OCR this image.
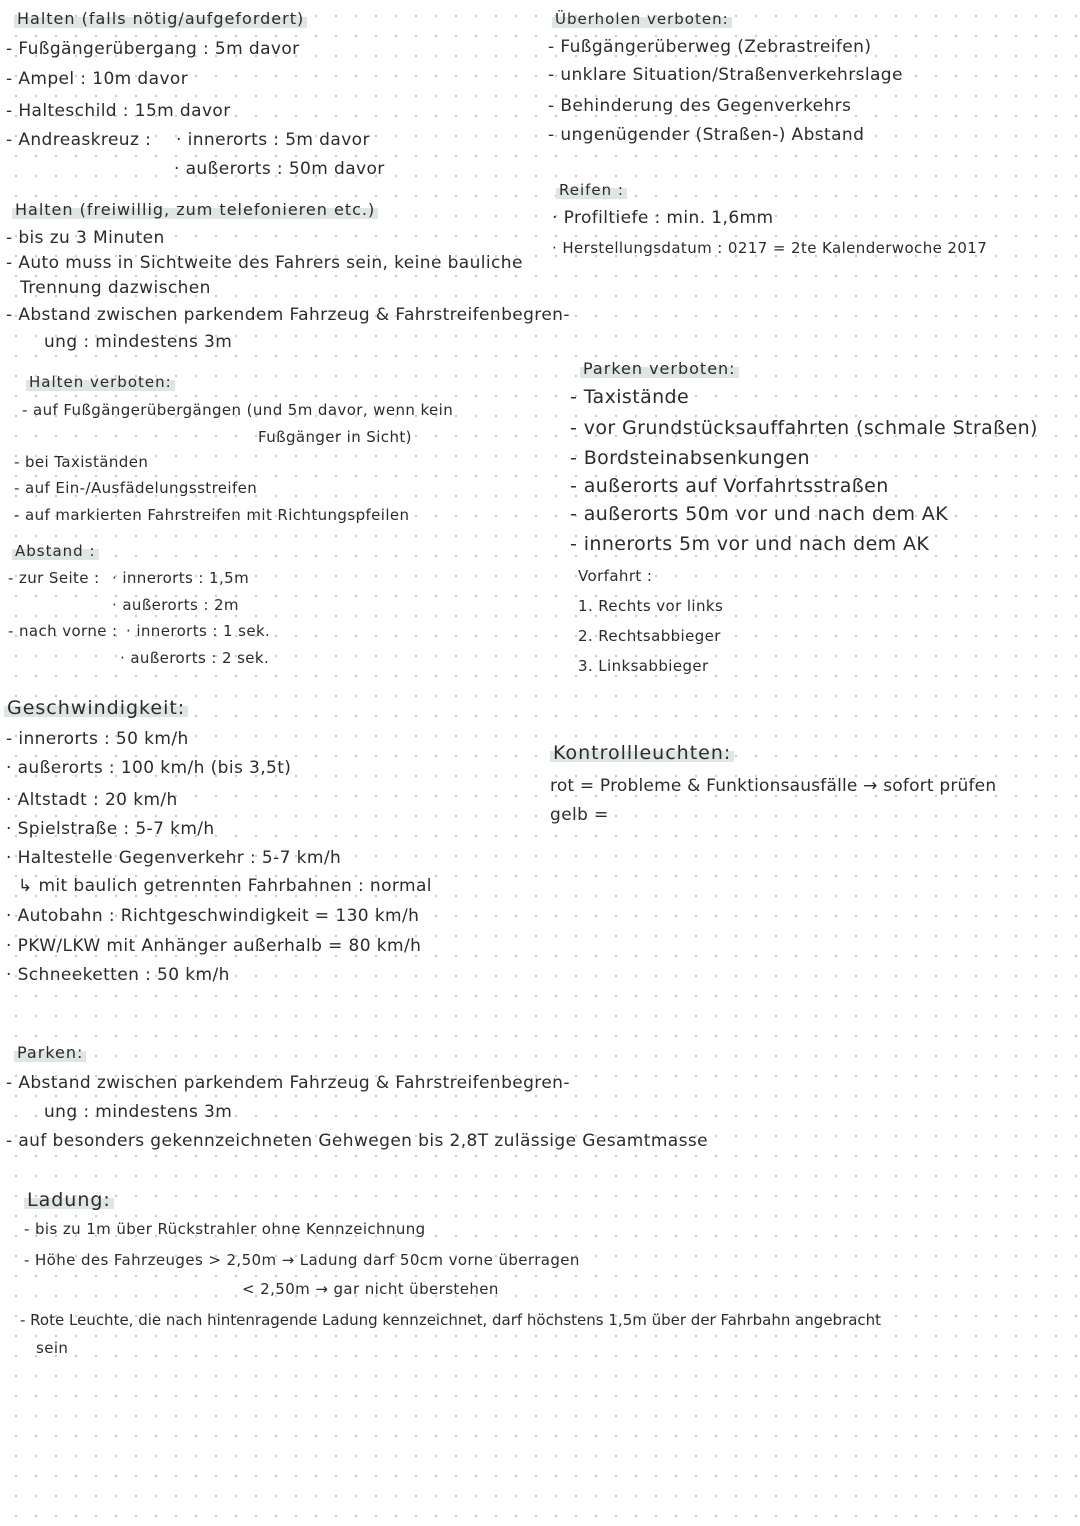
Halten (falls nötig/aufgefordert)
- Fußgängerübergang : 5m davor
- Ampel : 10m davor
- Halteschild : 15m davor
- Andreaskreuz : · innerorts : 5m davor
· außerorts : 50m davor
Halten (freiwillig, zum telefonieren etc.)
- bis zu 3 Minuten
- Auto muss in Sichtweite des Fahrers sein, keine bauliche
Trennung dazwischen
- Abstand zwischen parkendem Fahrzeug & Fahrstreifenbegren-
ung : mindestens 3m
Halten verboten:
- auf Fußgängerübergängen (und 5m davor, wenn kein
Fußgänger in Sicht)
- bei Taxiständen
- auf Ein-/Ausfädelungsstreifen
- auf markierten Fahrstreifen mit Richtungspfeilen
Abstand :
- zur Seite : · innerorts : 1,5m
· außerorts : 2m
- nach vorne : · innerorts : 1 sek.
· außerorts : 2 sek.
Geschwindigkeit:
- innerorts : 50 km/h
· außerorts : 100 km/h (bis 3,5t)
· Altstadt : 20 km/h
· Spielstraße : 5-7 km/h
· Haltestelle Gegenverkehr : 5-7 km/h
↳ mit baulich getrennten Fahrbahnen : normal
· Autobahn : Richtgeschwindigkeit = 130 km/h
· PKW/LKW mit Anhänger außerhalb = 80 km/h
· Schneeketten : 50 km/h
Parken:
- Abstand zwischen parkendem Fahrzeug & Fahrstreifenbegren-
ung : mindestens 3m
- auf besonders gekennzeichneten Gehwegen bis 2,8T zulässige Gesamtmasse
Ladung:
- bis zu 1m über Rückstrahler ohne Kennzeichnung
- Höhe des Fahrzeuges > 2,50m → Ladung darf 50cm vorne überragen
< 2,50m → gar nicht überstehen
- Rote Leuchte, die nach hintenragende Ladung kennzeichnet, darf höchstens 1,5m über der Fahrbahn angebracht
sein
Überholen verboten:
- Fußgängerüberweg (Zebrastreifen)
- unklare Situation/Straßenverkehrslage
- Behinderung des Gegenverkehrs
- ungenügender (Straßen-) Abstand
Reifen :
· Profiltiefe : min. 1,6mm
· Herstellungsdatum : 0217 = 2te Kalenderwoche 2017
Parken verboten:
- Taxistände
- vor Grundstücksauffahrten (schmale Straßen)
- Bordsteinabsenkungen
- außerorts auf Vorfahrtsstraßen
- außerorts 50m vor und nach dem AK
- innerorts 5m vor und nach dem AK
Vorfahrt :
1. Rechts vor links
2. Rechtsabbieger
3. Linksabbieger
Kontrollleuchten:
rot = Probleme & Funktionsausfälle → sofort prüfen
gelb =
